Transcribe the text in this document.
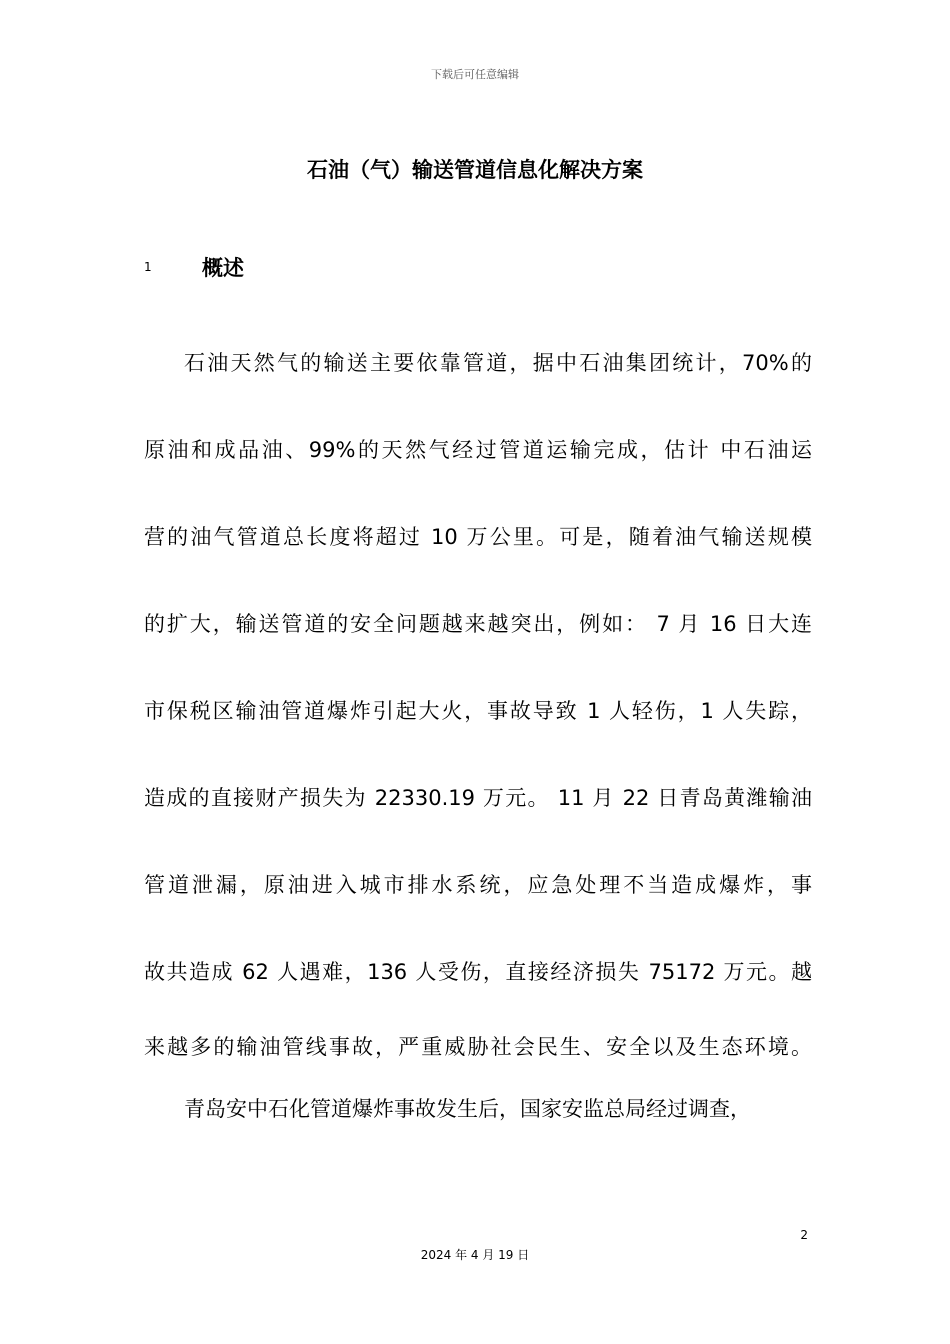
下载后可任意编辑
石油（气）输送管道信息化解决方案
1	概述
石油天然气的输送主要依靠管道，据中石油集团统计，70%的
原油和成品油、99%的天然气经过管道运输完成，估计 中石油运
营的油气管道总长度将超过 10 万公里。可是，随着油气输送规模
的扩大，输送管道的安全问题越来越突出，例如： 7 月 16 日大连
市保税区输油管道爆炸引起大火，事故导致 1 人轻伤，1 人失踪，
造成的直接财产损失为 22330.19 万元。 11 月 22 日青岛黄潍输油
管道泄漏，原油进入城市排水系统，应急处理不当造成爆炸，事
故共造成 62 人遇难，136 人受伤，直接经济损失 75172 万元。越
来越多的输油管线事故，严重威胁社会民生、安全以及生态环境。
青岛安中石化管道爆炸事故发生后，国家安监总局经过调查，
2
2024 年 4 月 19 日
